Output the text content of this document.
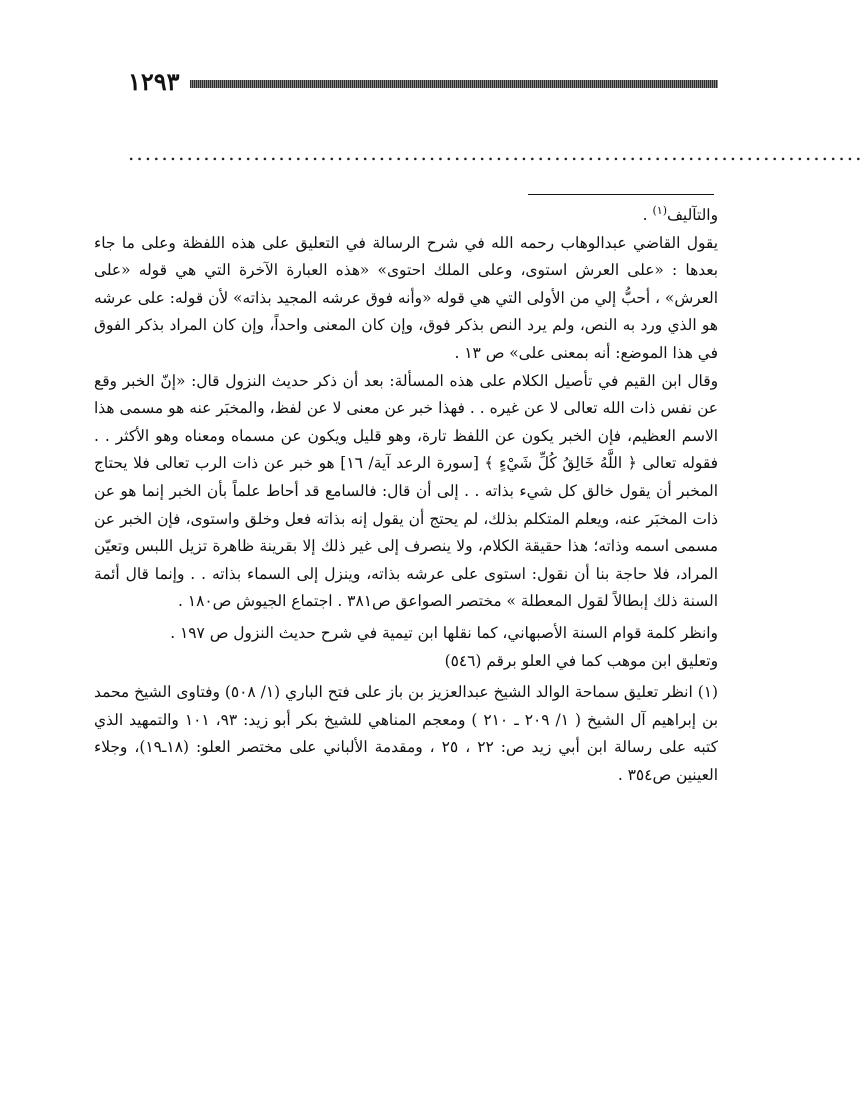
١٢٩٣
........................................................................................

والتآليف$^{(١)}$ .

يقول القاضي عبدالوهاب رحمه الله في شرح الرسالة في التعليق على هذه اللفظة وعلى ما جاء بعدها : «على العرش استوى، وعلى الملك احتوى» «هذه العبارة الآخرة التي هي قوله «على العرش» ، أحبُّ إلي من الأولى التي هي قوله «وأنه فوق عرشه المجيد بذاته» لأن قوله: على عرشه هو الذي ورد به النص، ولم يرد النص بذكر فوق، وإن كان المعنى واحداً، وإن كان المراد بذكر الفوق في هذا الموضع: أنه بمعنى على» ص ١٣ .

وقال ابن القيم في تأصيل الكلام على هذه المسألة: بعد أن ذكر حديث النزول قال: «إنّ الخبر وقع عن نفس ذات الله تعالى لا عن غيره . . فهذا خبر عن معنى لا عن لفظ، والمخبَر عنه هو مسمى هذا الاسم العظيم، فإن الخبر يكون عن اللفظ تارة، وهو قليل ويكون عن مسماه ومعناه وهو الأكثر . . فقوله تعالى ﴿ اللَّهُ خَالِقُ كُلِّ شَيْءٍ ﴾ [سورة الرعد آية/ ١٦] هو خبر عن ذات الرب تعالى فلا يحتاج المخبر أن يقول خالق كل شيء بذاته . . إلى أن قال: فالسامع قد أحاط علماً بأن الخبر إنما هو عن ذات المخبَر عنه، ويعلم المتكلم بذلك، لم يحتج أن يقول إنه بذاته فعل وخلق واستوى، فإن الخبر عن مسمى اسمه وذاته؛ هذا حقيقة الكلام، ولا ينصرف إلى غير ذلك إلا بقرينة ظاهرة تزيل اللبس وتعيّن المراد، فلا حاجة بنا أن نقول: استوى على عرشه بذاته، وينزل إلى السماء بذاته . . وإنما قال أئمة السنة ذلك إبطالاً لقول المعطلة » مختصر الصواعق ص٣٨١ . اجتماع الجيوش ص١٨٠ .

وانظر كلمة قوام السنة الأصبهاني، كما نقلها ابن تيمية في شرح حديث النزول ص ١٩٧ .

وتعليق ابن موهب كما في العلو برقم (٥٤٦)

(١) انظر تعليق سماحة الوالد الشيخ عبدالعزيز بن باز على فتح الباري (١/ ٥٠٨) وفتاوى الشيخ محمد بن إبراهيم آل الشيخ ( ١/ ٢٠٩ ـ ٢١٠ ) ومعجم المناهي للشيخ بكر أبو زيد: ٩٣، ١٠١ والتمهيد الذي كتبه على رسالة ابن أبي زيد ص: ٢٢ ، ٢٥ ، ومقدمة الألباني على مختصر العلو: (١٨ـ١٩)، وجلاء العينين ص٣٥٤ .
